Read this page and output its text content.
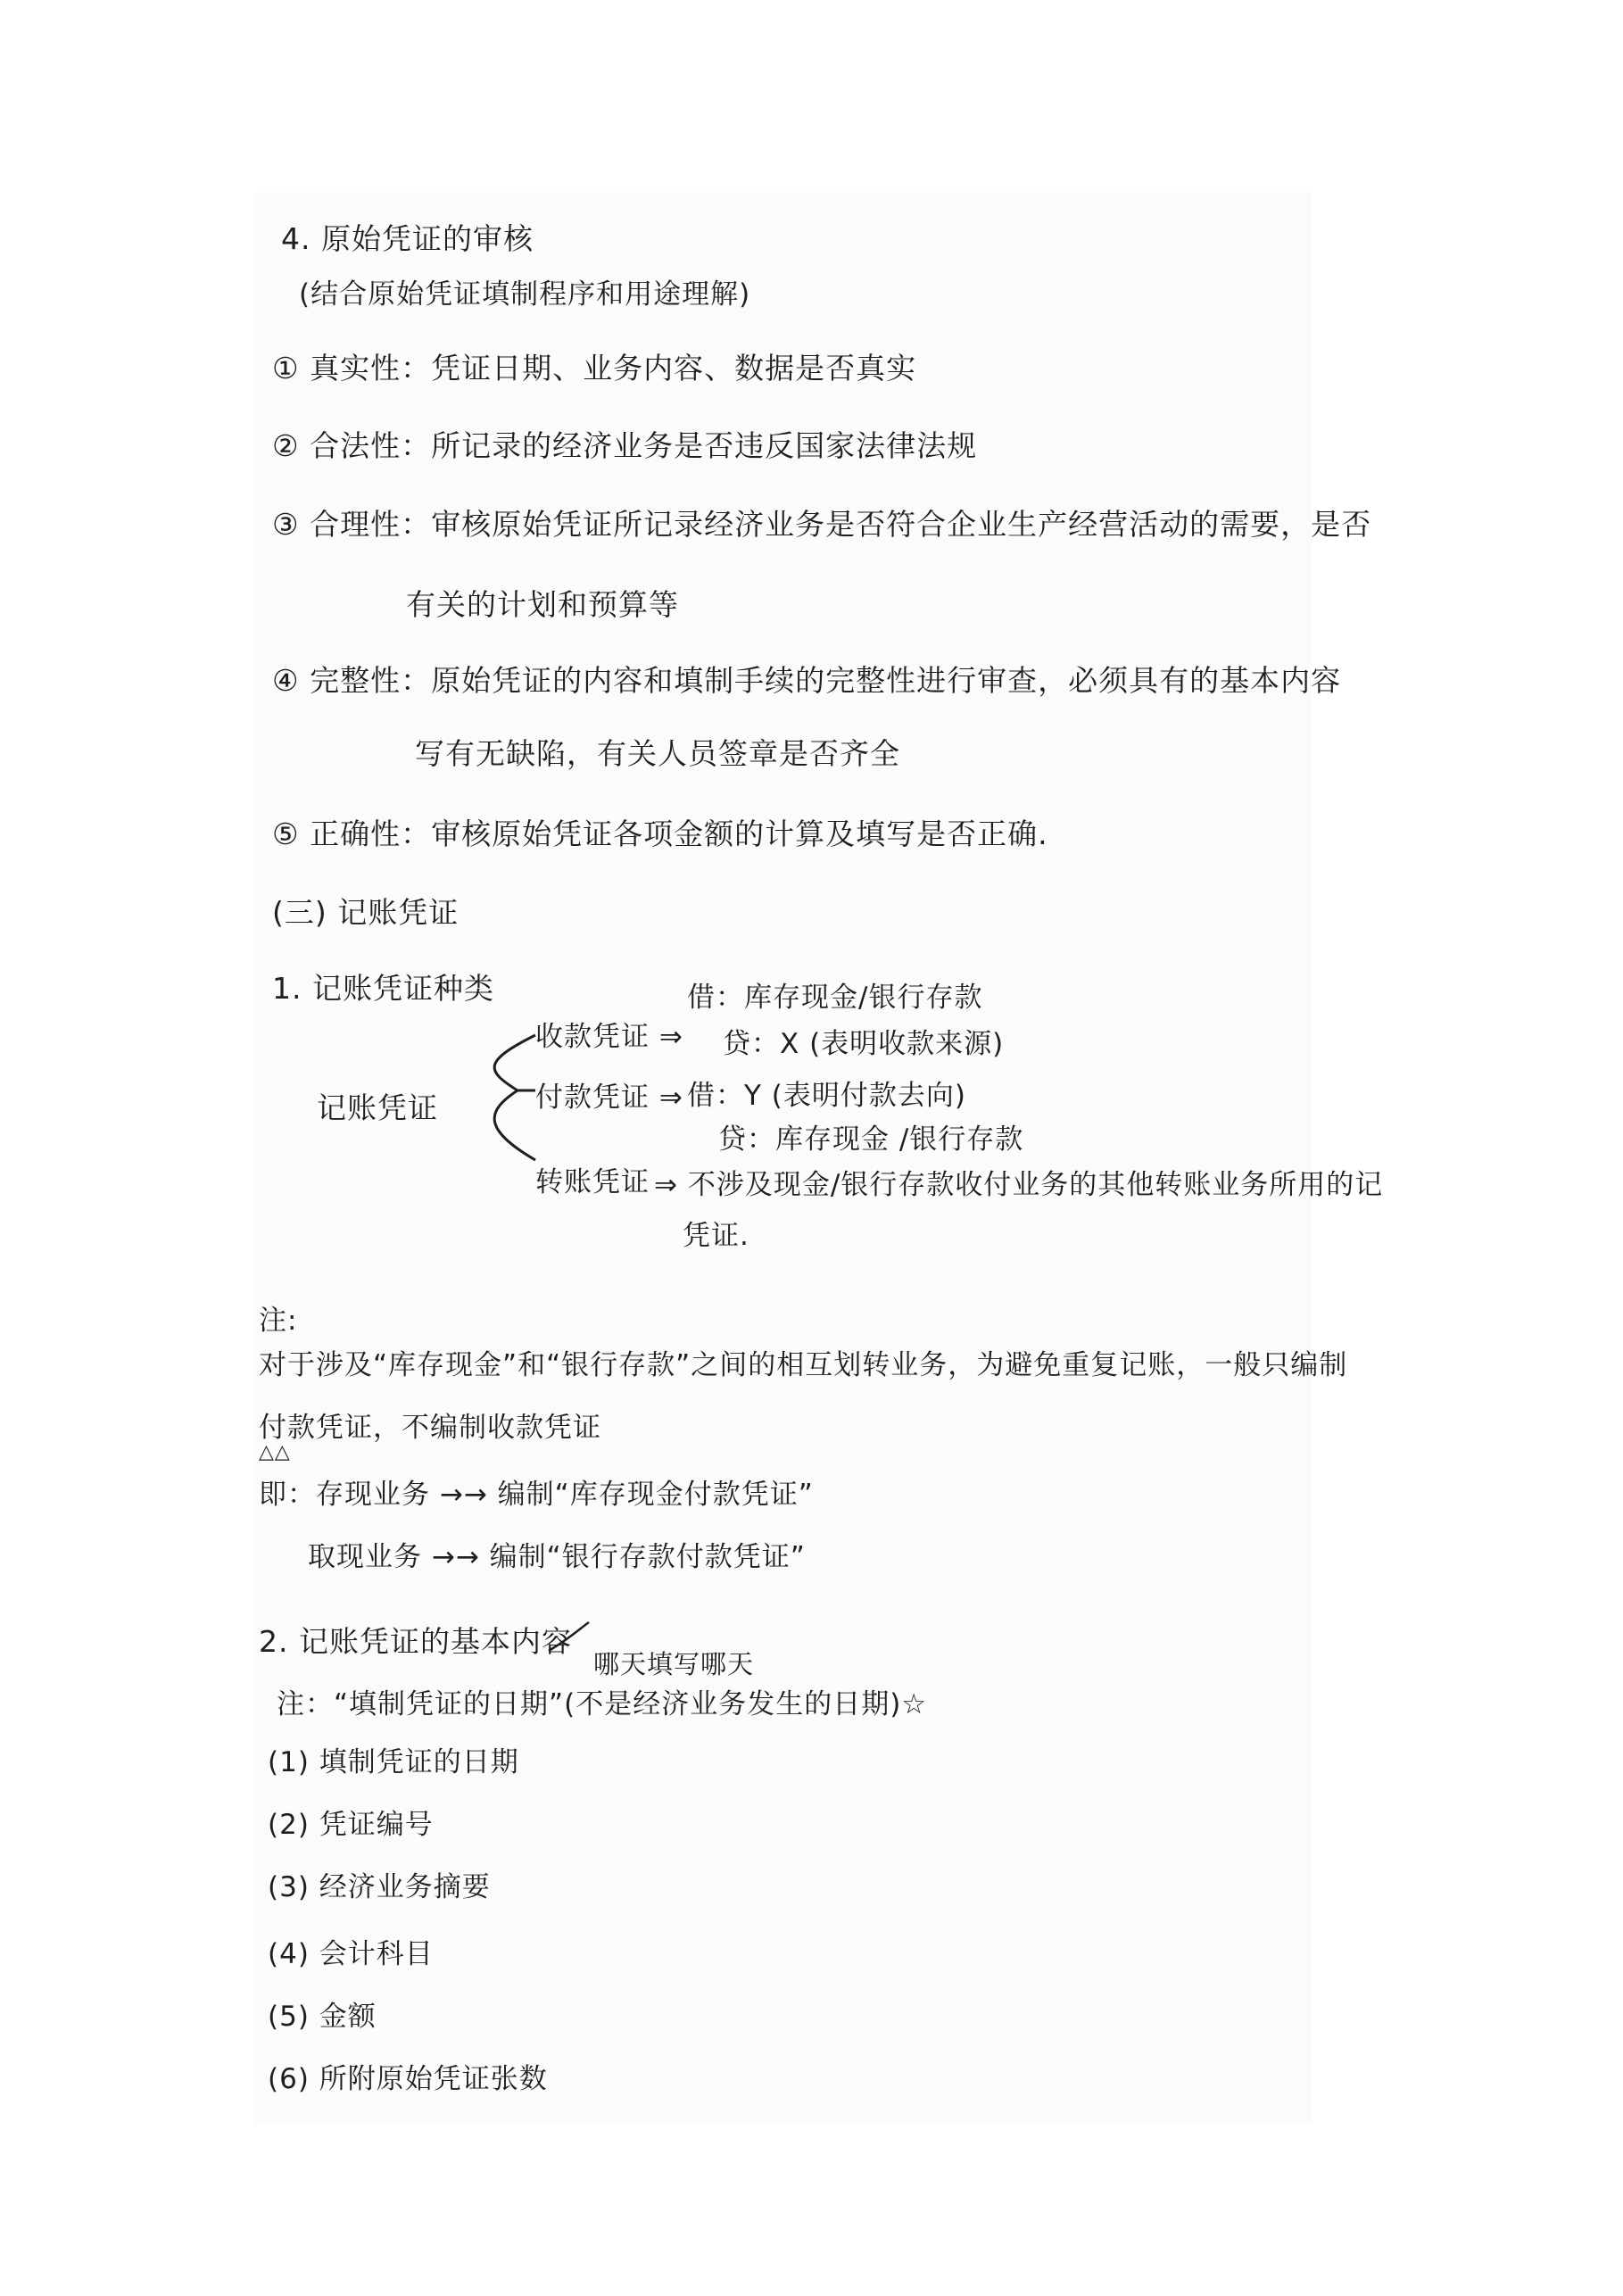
4. 原始凭证的审核
(结合原始凭证填制程序和用途理解)
① 真实性：凭证日期、业务内容、数据是否真实
② 合法性：所记录的经济业务是否违反国家法律法规
③ 合理性：审核原始凭证所记录经济业务是否符合企业生产经营活动的需要，是否
有关的计划和预算等
④ 完整性：原始凭证的内容和填制手续的完整性进行审查，必须具有的基本内容
写有无缺陷，有关人员签章是否齐全
⑤ 正确性：审核原始凭证各项金额的计算及填写是否正确.
(三) 记账凭证
1. 记账凭证种类
记账凭证
收款凭证 ⇒
借：库存现金/银行存款
贷：X (表明收款来源)
付款凭证 ⇒ 借：Y (表明付款去向)
贷：库存现金 /银行存款
转账凭证 ⇒ 不涉及现金/银行存款收付业务的其他转账业务所用的记
凭证.
注:
对于涉及“库存现金”和“银行存款”之间的相互划转业务，为避免重复记账，一般只编制
付款凭证，不编制收款凭证
△△
即：存现业务 →→ 编制“库存现金付款凭证”
取现业务 →→ 编制“银行存款付款凭证”
2. 记账凭证的基本内容
哪天填写哪天
注：“填制凭证的日期”(不是经济业务发生的日期)☆
(1) 填制凭证的日期
(2) 凭证编号
(3) 经济业务摘要
(4) 会计科目
(5) 金额
(6) 所附原始凭证张数
